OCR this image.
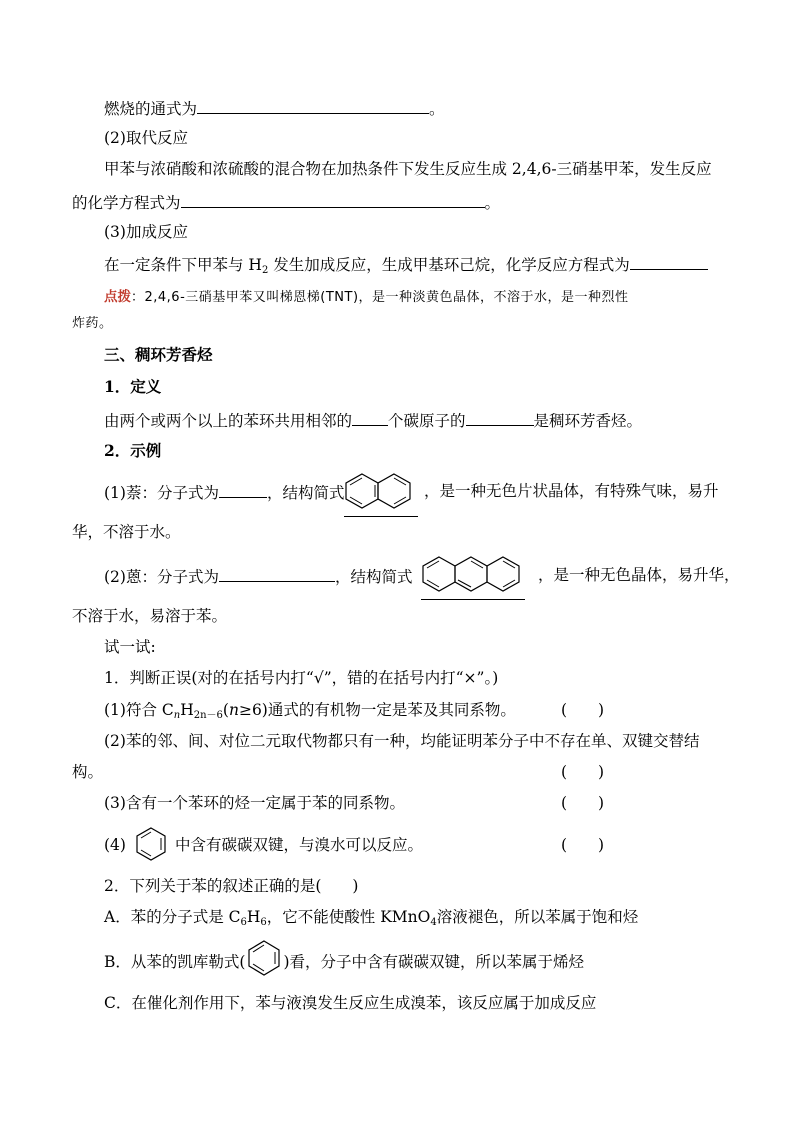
燃烧的通式为	。
(2)取代反应
甲苯与浓硝酸和浓硫酸的混合物在加热条件下发生反应生成 2,4,6-三硝基甲苯，发生反应
的化学方程式为	。
(3)加成反应
在一定条件下甲苯与 $H_2$ 发生加成反应，生成甲基环己烷，化学反应方程式为
点拨：2,4,6-三硝基甲苯又叫梯恩梯(TNT)，是一种淡黄色晶体，不溶于水，是一种烈性
炸药。
三、稠环芳香烃
1．定义
由两个或两个以上的苯环共用相邻的 个碳原子的	是稠环芳香烃。
2．示例
(1)萘：分子式为	，结构简式	，是一种无色片状晶体，有特殊气味，易升
华，不溶于水。
(2)蒽：分子式为	，结构简式	，是一种无色晶体，易升华，
不溶于水，易溶于苯。
试一试:
1．判断正误(对的在括号内打“√”，错的在括号内打“×”。)
(1)符合 $C_nH_{2n-6}(n\ge 6)$通式的有机物一定是苯及其同系物。	(　　)
(2)苯的邻、间、对位二元取代物都只有一种，均能证明苯分子中不存在单、双键交替结
构。	(　　)
(3)含有一个苯环的烃一定属于苯的同系物。	(　　)
(4)	中含有碳碳双键，与溴水可以反应。	(　　)
2．下列关于苯的叙述正确的是(　　)
A．苯的分子式是 $C_6H_6$，它不能使酸性 KMnO$_4$溶液褪色，所以苯属于饱和烃
B．从苯的凯库勒式( )看，分子中含有碳碳双键，所以苯属于烯烃
C．在催化剂作用下，苯与液溴发生反应生成溴苯，该反应属于加成反应
